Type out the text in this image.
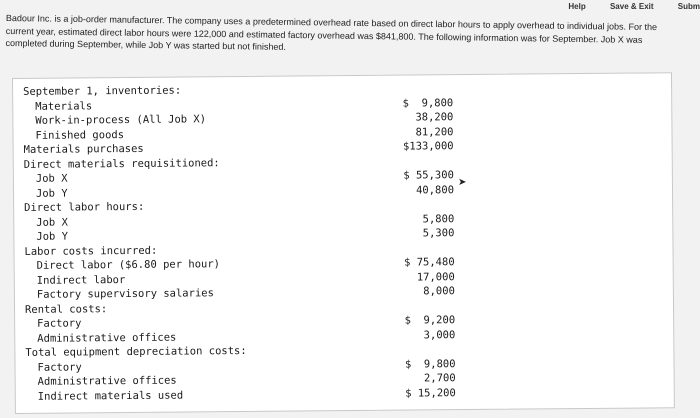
Help	Save & Exit	Subm
Badour Inc. is a job-order manufacturer. The company uses a predetermined overhead rate based on direct labor hours to apply overhead to individual jobs. For the current year, estimated direct labor hours were 122,000 and estimated factory overhead was $841,800. The following information was for September. Job X was completed during September, while Job Y was started but not finished.
September 1, inventories:
Materials	$  9,800
Work-in-process (All Job X)	38,200
Finished goods	81,200
Materials purchases	$133,000
Direct materials requisitioned:
Job X	$ 55,300
Job Y	40,800
Direct labor hours:
Job X	5,800
Job Y	5,300
Labor costs incurred:
Direct labor ($6.80 per hour)	$ 75,480
Indirect labor	17,000
Factory supervisory salaries	8,000
Rental costs:
Factory	$  9,200
Administrative offices	3,000
Total equipment depreciation costs:
Factory	$  9,800
Administrative offices	2,700
Indirect materials used	$ 15,200
➤
